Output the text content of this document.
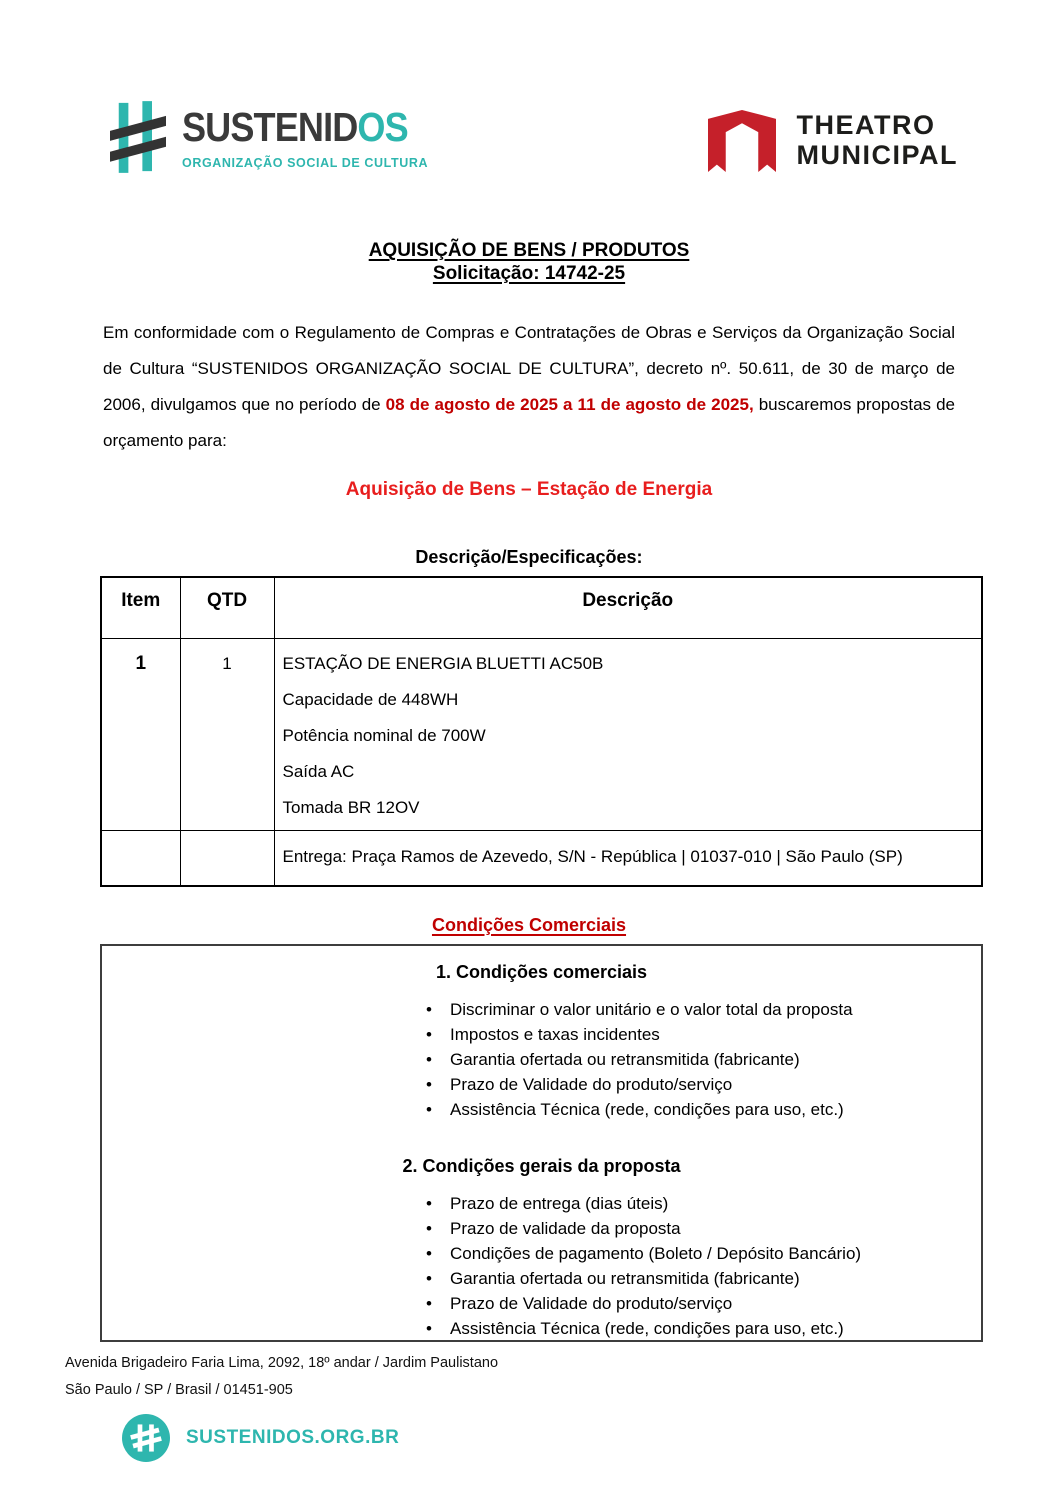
SUSTENIDOS
ORGANIZAÇÃO SOCIAL DE CULTURA
THEATRO
MUNICIPAL
AQUISIÇÃO DE BENS / PRODUTOS
Solicitação: 14742-25

Em conformidade com o Regulamento de Compras e Contratações de Obras e Serviços da Organização Social de Cultura “SUSTENIDOS ORGANIZAÇÃO SOCIAL DE CULTURA”, decreto nº. 50.611, de 30 de março de 2006, divulgamos que no período de 08 de agosto de 2025 a 11 de agosto de 2025, buscaremos propostas de orçamento para:

Aquisição de Bens – Estação de Energia
Descrição/Especificações:
Item	QTD	Descrição
1	1	ESTAÇÃO DE ENERGIA BLUETTI AC50B
Capacidade de 448WH
Potência nominal de 700W
Saída AC
Tomada BR 12OV

		Entrega: Praça Ramos de Azevedo, S/N - República | 01037-010 | São Paulo (SP)
Condições Comerciais
1. Condições comerciais
• Discriminar o valor unitário e o valor total da proposta
• Impostos e taxas incidentes
• Garantia ofertada ou retransmitida (fabricante)
• Prazo de Validade do produto/serviço
• Assistência Técnica (rede, condições para uso, etc.)
2. Condições gerais da proposta
• Prazo de entrega (dias úteis)
• Prazo de validade da proposta
• Condições de pagamento (Boleto / Depósito Bancário)
• Garantia ofertada ou retransmitida (fabricante)
• Prazo de Validade do produto/serviço
• Assistência Técnica (rede, condições para uso, etc.)
Avenida Brigadeiro Faria Lima, 2092, 18º andar / Jardim Paulistano
São Paulo / SP / Brasil / 01451-905
SUSTENIDOS.ORG.BR
